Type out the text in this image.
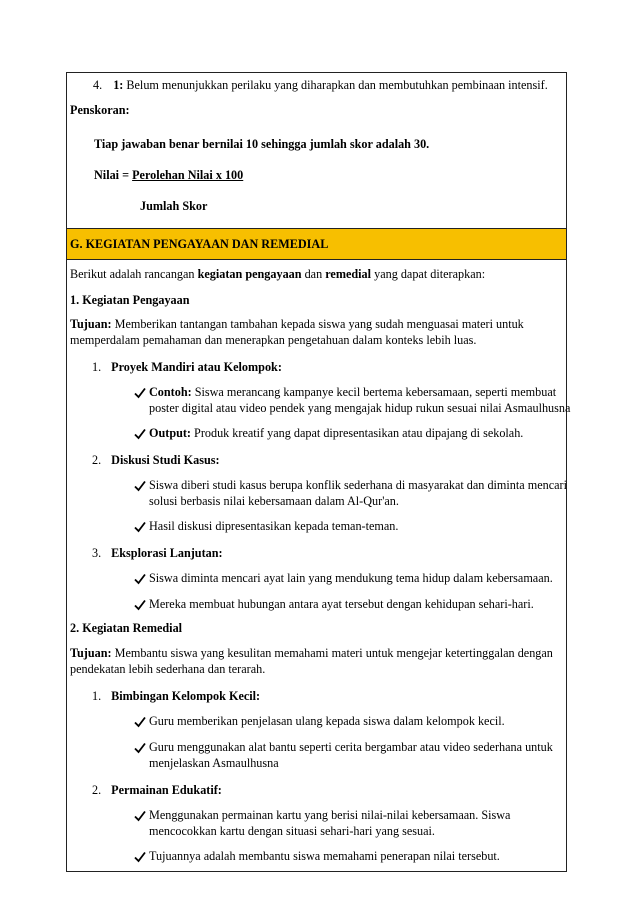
4. 1: Belum menunjukkan perilaku yang diharapkan dan membutuhkan pembinaan intensif.
Penskoran:
Tiap jawaban benar bernilai 10 sehingga jumlah skor adalah 30.
Nilai = Perolehan Nilai x 100
Jumlah Skor
G. KEGIATAN PENGAYAAN DAN REMEDIAL
Berikut adalah rancangan kegiatan pengayaan dan remedial yang dapat diterapkan:
1. Kegiatan Pengayaan
Tujuan: Memberikan tantangan tambahan kepada siswa yang sudah menguasai materi untuk
memperdalam pemahaman dan menerapkan pengetahuan dalam konteks lebih luas.
1. Proyek Mandiri atau Kelompok:
Contoh: Siswa merancang kampanye kecil bertema kebersamaan, seperti membuat
poster digital atau video pendek yang mengajak hidup rukun sesuai nilai Asmaulhusna
Output: Produk kreatif yang dapat dipresentasikan atau dipajang di sekolah.
2. Diskusi Studi Kasus:
Siswa diberi studi kasus berupa konflik sederhana di masyarakat dan diminta mencari
solusi berbasis nilai kebersamaan dalam Al-Qur'an.
Hasil diskusi dipresentasikan kepada teman-teman.
3. Eksplorasi Lanjutan:
Siswa diminta mencari ayat lain yang mendukung tema hidup dalam kebersamaan.
Mereka membuat hubungan antara ayat tersebut dengan kehidupan sehari-hari.
2. Kegiatan Remedial
Tujuan: Membantu siswa yang kesulitan memahami materi untuk mengejar ketertinggalan dengan
pendekatan lebih sederhana dan terarah.
1. Bimbingan Kelompok Kecil:
Guru memberikan penjelasan ulang kepada siswa dalam kelompok kecil.
Guru menggunakan alat bantu seperti cerita bergambar atau video sederhana untuk
menjelaskan Asmaulhusna
2. Permainan Edukatif:
Menggunakan permainan kartu yang berisi nilai-nilai kebersamaan. Siswa
mencocokkan kartu dengan situasi sehari-hari yang sesuai.
Tujuannya adalah membantu siswa memahami penerapan nilai tersebut.
